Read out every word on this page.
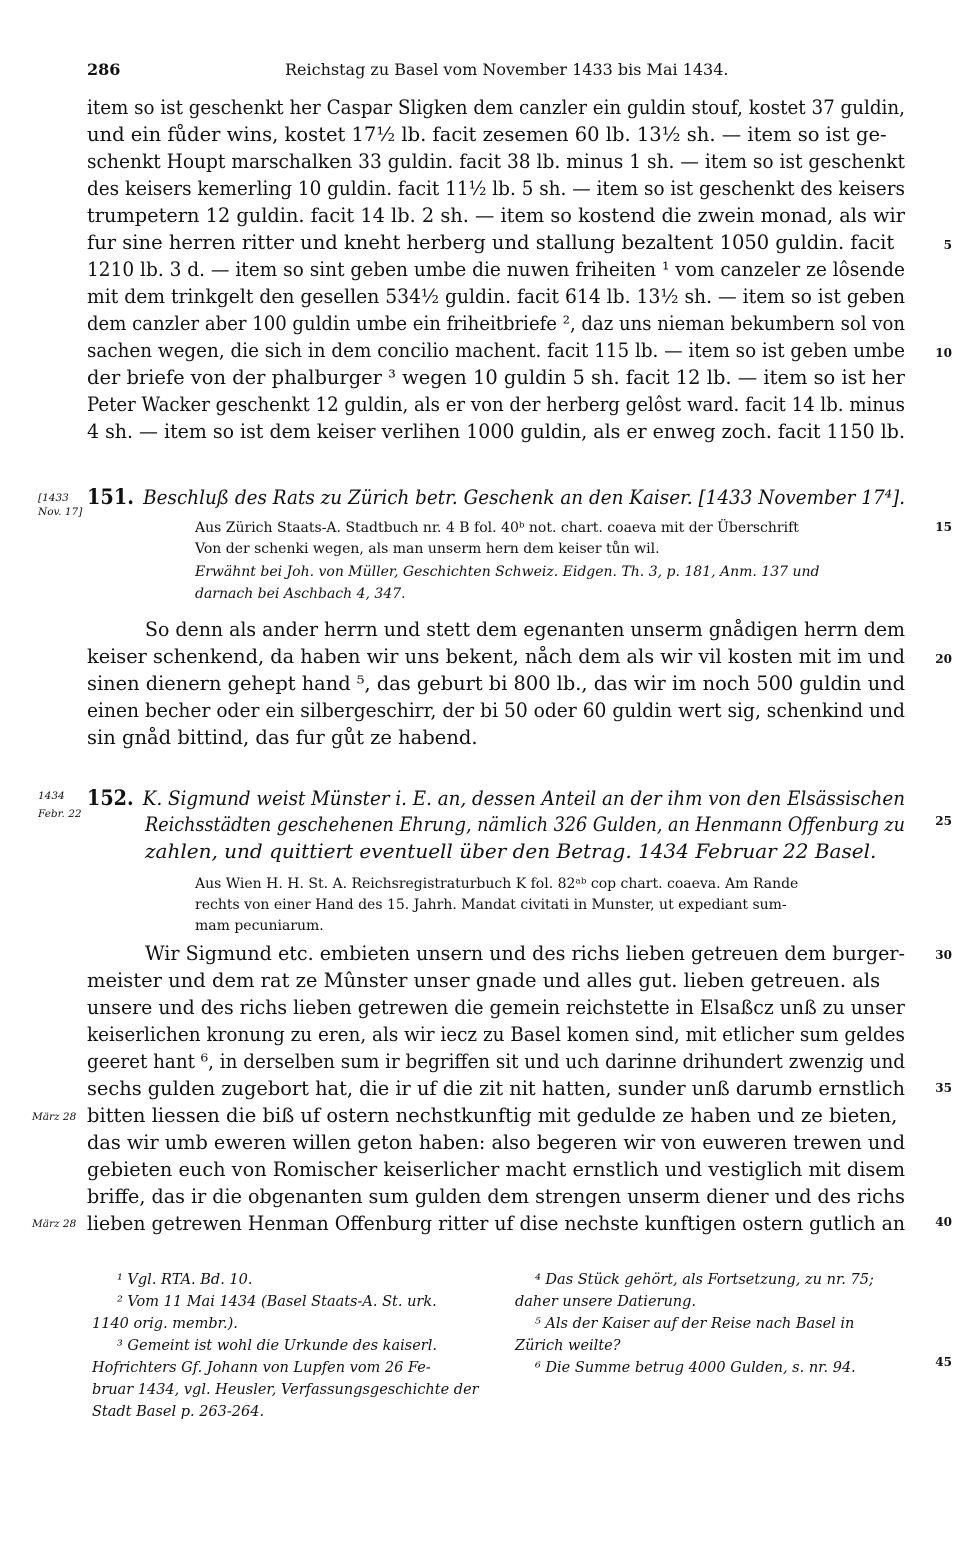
286	Reichstag zu Basel vom November 1433 bis Mai 1434.
item so ist geschenkt her Caspar Sligken dem canzler ein guldin stouf, kostet 37 guldin,
und ein fůder wins, kostet 17½ lb. facit zesemen 60 lb. 13½ sh. — item so ist ge-
schenkt Houpt marschalken 33 guldin. facit 38 lb. minus 1 sh. — item so ist geschenkt
des keisers kemerling 10 guldin. facit 11½ lb. 5 sh. — item so ist geschenkt des keisers
trumpetern 12 guldin. facit 14 lb. 2 sh. — item so kostend die zwein monad, als wir
fur sine herren ritter und kneht herberg und stallung bezaltent 1050 guldin. facit
1210 lb. 3 d. — item so sint geben umbe die nuwen friheiten ¹ vom canzeler ze lôsende
mit dem trinkgelt den gesellen 534½ guldin. facit 614 lb. 13½ sh. — item so ist geben
dem canzler aber 100 guldin umbe ein friheitbriefe ², daz uns nieman bekumbern sol von
sachen wegen, die sich in dem concilio machent. facit 115 lb. — item so ist geben umbe
der briefe von der phalburger ³ wegen 10 guldin 5 sh. facit 12 lb. — item so ist her
Peter Wacker geschenkt 12 guldin, als er von der herberg gelôst ward. facit 14 lb. minus
4 sh. — item so ist dem keiser verlihen 1000 guldin, als er enweg zoch. facit 1150 lb.
5
10
15
20
25
30
35
40
45
[1433
Nov. 17]
151. Beschluß des Rats zu Zürich betr. Geschenk an den Kaiser. [1433 November 17⁴].
Aus Zürich Staats-A. Stadtbuch nr. 4 B fol. 40ᵇ not. chart. coaeva mit der Überschrift
Von der schenki wegen, als man unserm hern dem keiser tůn wil.
Erwähnt bei Joh. von Müller, Geschichten Schweiz. Eidgen. Th. 3, p. 181, Anm. 137 und
darnach bei Aschbach 4, 347.
So denn als ander herrn und stett dem egenanten unserm gnådigen herrn dem
keiser schenkend, da haben wir uns bekent, nåch dem als wir vil kosten mit im und
sinen dienern gehept hand ⁵, das geburt bi 800 lb., das wir im noch 500 guldin und
einen becher oder ein silbergeschirr, der bi 50 oder 60 guldin wert sig, schenkind und
sin gnåd bittind, das fur gůt ze habend.
1434
Febr. 22
152. K. Sigmund weist Münster i. E. an, dessen Anteil an der ihm von den Elsässischen
Reichsstädten geschehenen Ehrung, nämlich 326 Gulden, an Henmann Offenburg zu
zahlen, und quittiert eventuell über den Betrag. 1434 Februar 22 Basel.
Aus Wien H. H. St. A. Reichsregistraturbuch K fol. 82ᵃᵇ cop chart. coaeva. Am Rande
rechts von einer Hand des 15. Jahrh. Mandat civitati in Munster, ut expediant sum-
mam pecuniarum.
März 28
März 28
Wir Sigmund etc. embieten unsern und des richs lieben getreuen dem burger-
meister und dem rat ze Mûnster unser gnade und alles gut. lieben getreuen. als
unsere und des richs lieben getrewen die gemein reichstette in Elsaßcz unß zu unser
keiserlichen kronung zu eren, als wir iecz zu Basel komen sind, mit etlicher sum geldes
geeret hant ⁶, in derselben sum ir begriffen sit und uch darinne drihundert zwenzig und
sechs gulden zugebort hat, die ir uf die zit nit hatten, sunder unß darumb ernstlich
bitten liessen die biß uf ostern nechstkunftig mit gedulde ze haben und ze bieten,
das wir umb eweren willen geton haben: also begeren wir von euweren trewen und
gebieten euch von Romischer keiserlicher macht ernstlich und vestiglich mit disem
briffe, das ir die obgenanten sum gulden dem strengen unserm diener und des richs
lieben getrewen Henman Offenburg ritter uf dise nechste kunftigen ostern gutlich an
¹ Vgl. RTA. Bd. 10.
² Vom 11 Mai 1434 (Basel Staats-A. St. urk.
1140 orig. membr.).
³ Gemeint ist wohl die Urkunde des kaiserl.
Hofrichters Gf. Johann von Lupfen vom 26 Fe-
bruar 1434, vgl. Heusler, Verfassungsgeschichte der
Stadt Basel p. 263-264.
⁴ Das Stück gehört, als Fortsetzung, zu nr. 75;
daher unsere Datierung.
⁵ Als der Kaiser auf der Reise nach Basel in
Zürich weilte?
⁶ Die Summe betrug 4000 Gulden, s. nr. 94.
